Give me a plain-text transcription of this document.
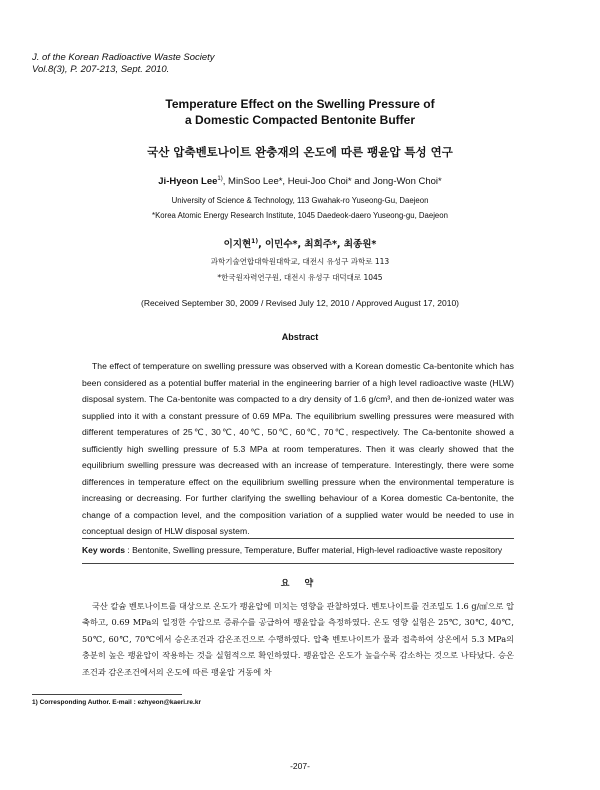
J. of the Korean Radioactive Waste Society
Vol.8(3), P. 207-213, Sept. 2010.
Temperature Effect on the Swelling Pressure of
a Domestic Compacted Bentonite Buffer
국산 압축벤토나이트 완충재의 온도에 따른 팽윤압 특성 연구
Ji-Hyeon Lee$^{1)}$, MinSoo Lee*, Heui-Joo Choi* and Jong-Won Choi*
University of Science & Technology, 113 Gwahak-ro Yuseong-Gu, Daejeon
*Korea Atomic Energy Research Institute, 1045 Daedeok-daero Yuseong-gu, Daejeon
이지현$^{1)}$, 이민수*, 최희주*, 최종원*
과학기술연합대학원대학교, 대전시 유성구 과학로 113
*한국원자력연구원, 대전시 유성구 대덕대로 1045
(Received September 30, 2009 / Revised July 12, 2010 / Approved August 17, 2010)
Abstract
The effect of temperature on swelling pressure was observed with a Korean domestic Ca-bentonite which has been considered as a potential buffer material in the engineering barrier of a high level radioactive waste (HLW) disposal system. The Ca-bentonite was compacted to a dry density of 1.6 g/cm³, and then de-ionized water was supplied into it with a constant pressure of 0.69 MPa. The equilibrium swelling pressures were measured with different temperatures of 25℃, 30℃, 40℃, 50℃, 60℃, 70℃, respectively. The Ca-bentonite showed a sufficiently high swelling pressure of 5.3 MPa at room temperatures. Then it was clearly showed that the equilibrium swelling pressure was decreased with an increase of temperature. Interestingly, there were some differences in temperature effect on the equilibrium swelling pressure when the environmental temperature is increasing or decreasing. For further clarifying the swelling behaviour of a Korea domestic Ca-bentonite, the change of a compaction level, and the composition variation of a supplied water would be needed to use in conceptual design of HLW disposal system.
Key words : Bentonite, Swelling pressure, Temperature, Buffer material, High-level radioactive waste repository
요 약
국산 칼슘 벤토나이트를 대상으로 온도가 팽윤압에 미치는 영향을 관찰하였다. 벤토나이트를 건조밀도 1.6 g/㎤으로 압축하고, 0.69 MPa의 일정한 수압으로 증류수를 공급하여 팽윤압을 측정하였다. 온도 영향 실험은 25℃, 30℃, 40℃, 50℃, 60℃, 70℃에서 승온조건과 감온조건으로 수행하였다. 압축 벤토나이트가 물과 접촉하여 상온에서 5.3 MPa의 충분히 높은 팽윤압이 작용하는 것을 실험적으로 확인하였다. 팽윤압은 온도가 높을수록 감소하는 것으로 나타났다. 승온조건과 감온조건에서의 온도에 따른 팽윤압 거동에 차
1) Corresponding Author. E-mail : ezhyeon@kaeri.re.kr
-207-
